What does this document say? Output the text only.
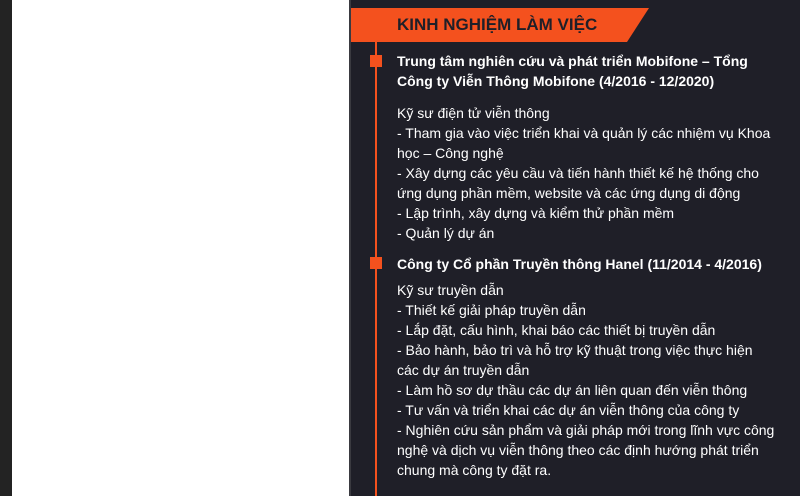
KINH NGHIỆM LÀM VIỆC

Trung tâm nghiên cứu và phát triển Mobifone – Tổng Công ty Viễn Thông Mobifone (4/2016 - 12/2020)

Kỹ sư điện tử viễn thông

- Tham gia vào việc triển khai và quản lý các nhiệm vụ Khoa học – Công nghệ
- Xây dựng các yêu cầu và tiến hành thiết kế hệ thống cho ứng dụng phần mềm, website và các ứng dụng di động
- Lập trình, xây dựng và kiểm thử phần mềm
- Quản lý dự án

Công ty Cổ phần Truyền thông Hanel (11/2014 - 4/2016)

Kỹ sư truyền dẫn

- Thiết kế giải pháp truyền dẫn
- Lắp đặt, cấu hình, khai báo các thiết bị truyền dẫn
- Bảo hành, bảo trì và hỗ trợ kỹ thuật trong việc thực hiện các dự án truyền dẫn
- Làm hồ sơ dự thầu các dự án liên quan đến viễn thông
- Tư vấn và triển khai các dự án viễn thông của công ty
- Nghiên cứu sản phẩm và giải pháp mới trong lĩnh vực công nghệ và dịch vụ viễn thông theo các định hướng phát triển chung mà công ty đặt ra.
